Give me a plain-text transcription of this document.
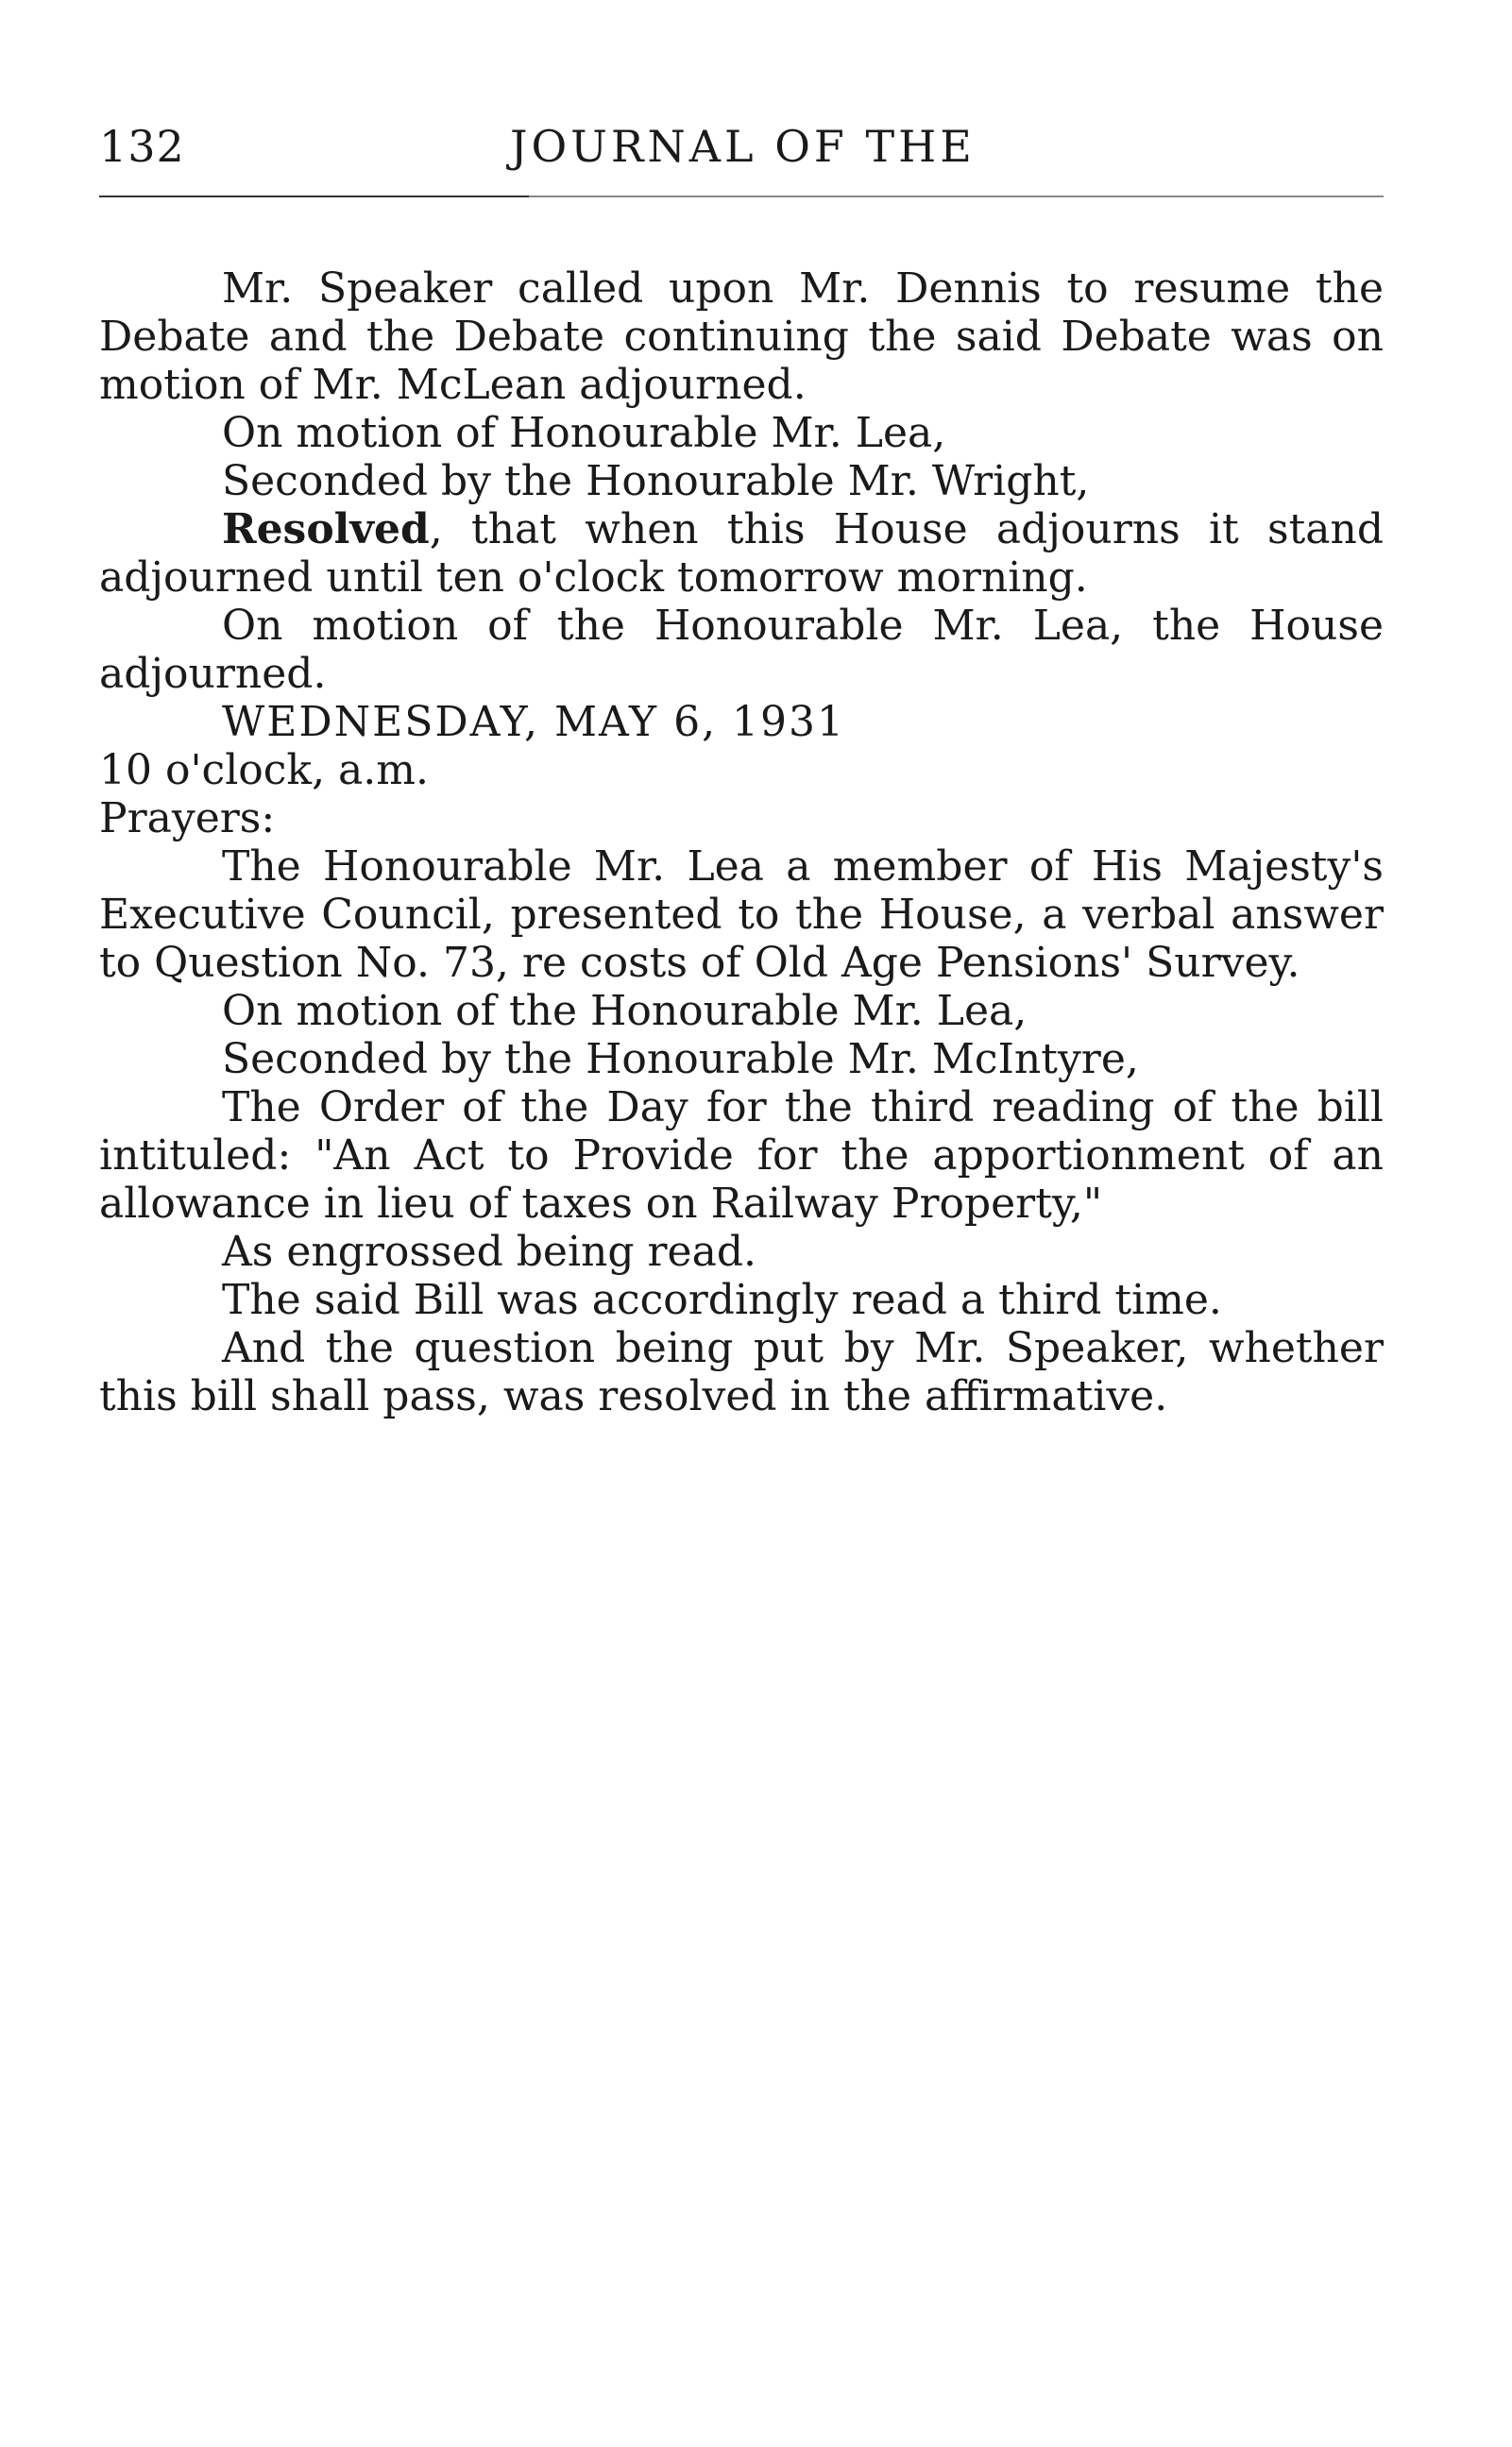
132	JOURNAL OF THE

Mr. Speaker called upon Mr. Dennis to resume the Debate and the Debate continuing the said Debate was on motion of Mr. McLean adjourned.

On motion of Honourable Mr. Lea,

Seconded by the Honourable Mr. Wright,

Resolved, that when this House adjourns it stand adjourned until ten o'clock tomorrow morning.

On motion of the Honourable Mr. Lea, the House adjourned.

WEDNESDAY, MAY 6, 1931

10 o'clock, a.m.

Prayers:

The Honourable Mr. Lea a member of His Majesty's Executive Council, presented to the House, a verbal answer to Question No. 73, re costs of Old Age Pensions' Survey.

On motion of the Honourable Mr. Lea,

Seconded by the Honourable Mr. McIntyre,

The Order of the Day for the third reading of the bill intituled: "An Act to Provide for the apportionment of an allowance in lieu of taxes on Railway Property,"

As engrossed being read.

The said Bill was accordingly read a third time.

And the question being put by Mr. Speaker, whether this bill shall pass, was resolved in the affirmative.
